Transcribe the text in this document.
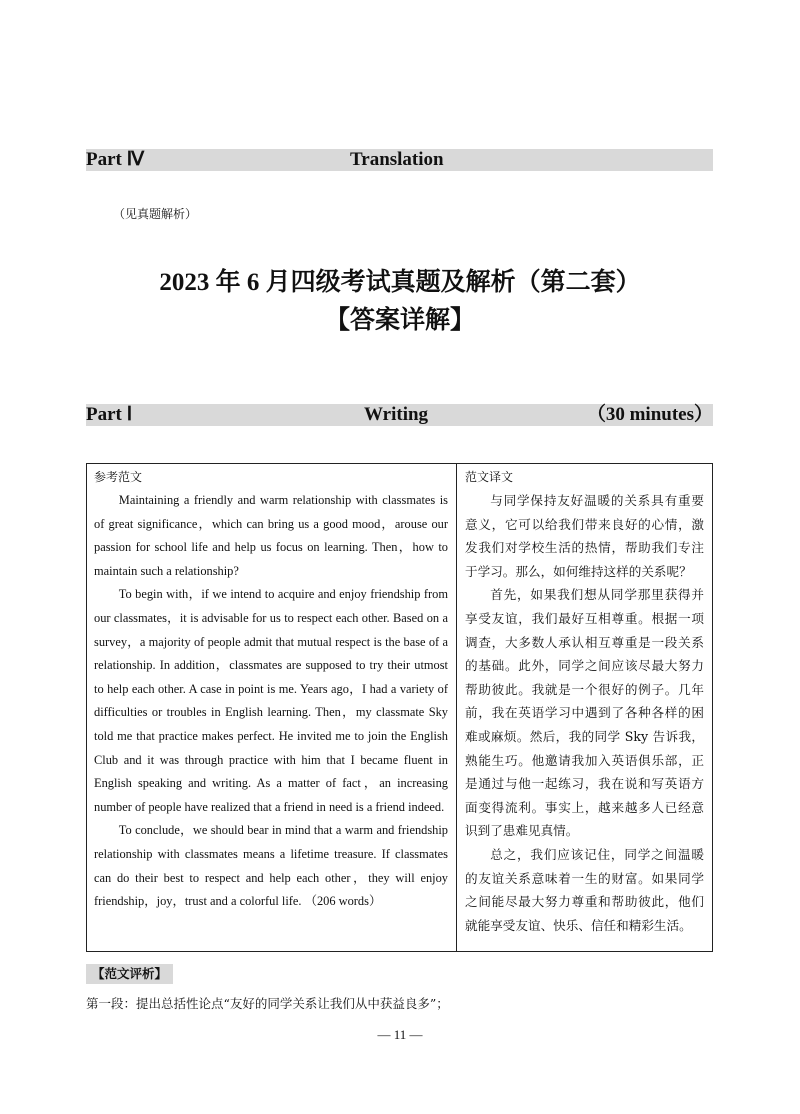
Part Ⅳ	Translation
（见真题解析）
2023 年 6 月四级考试真题及解析（第二套）
【答案详解】
Part Ⅰ	Writing	（30 minutes）
参考范文

Maintaining a friendly and warm relationship with classmates is of great significance，which can bring us a good mood，arouse our passion for school life and help us focus on learning. Then，how to maintain such a relationship?

To begin with，if we intend to acquire and enjoy friendship from our classmates，it is advisable for us to respect each other. Based on a survey，a majority of people admit that mutual respect is the base of a relationship. In addition，classmates are supposed to try their utmost to help each other. A case in point is me. Years ago，I had a variety of difficulties or troubles in English learning. Then，my classmate Sky told me that practice makes perfect. He invited me to join the English Club and it was through practice with him that I became fluent in English speaking and writing. As a matter of fact，an increasing number of people have realized that a friend in need is a friend indeed.

To conclude，we should bear in mind that a warm and friendship relationship with classmates means a lifetime treasure. If classmates can do their best to respect and help each other，they will enjoy friendship，joy，trust and a colorful life. （206 words）

范文译文

与同学保持友好温暖的关系具有重要意义，它可以给我们带来良好的心情，激发我们对学校生活的热情，帮助我们专注于学习。那么，如何维持这样的关系呢？

首先，如果我们想从同学那里获得并享受友谊，我们最好互相尊重。根据一项调查，大多数人承认相互尊重是一段关系的基础。此外，同学之间应该尽最大努力帮助彼此。我就是一个很好的例子。几年前，我在英语学习中遇到了各种各样的困难或麻烦。然后，我的同学 Sky 告诉我，熟能生巧。他邀请我加入英语俱乐部，正是通过与他一起练习，我在说和写英语方面变得流利。事实上，越来越多人已经意识到了患难见真情。

总之，我们应该记住，同学之间温暖的友谊关系意味着一生的财富。如果同学之间能尽最大努力尊重和帮助彼此，他们就能享受友谊、快乐、信任和精彩生活。

【范文评析】
第一段：提出总括性论点“友好的同学关系让我们从中获益良多”；
— 11 —
